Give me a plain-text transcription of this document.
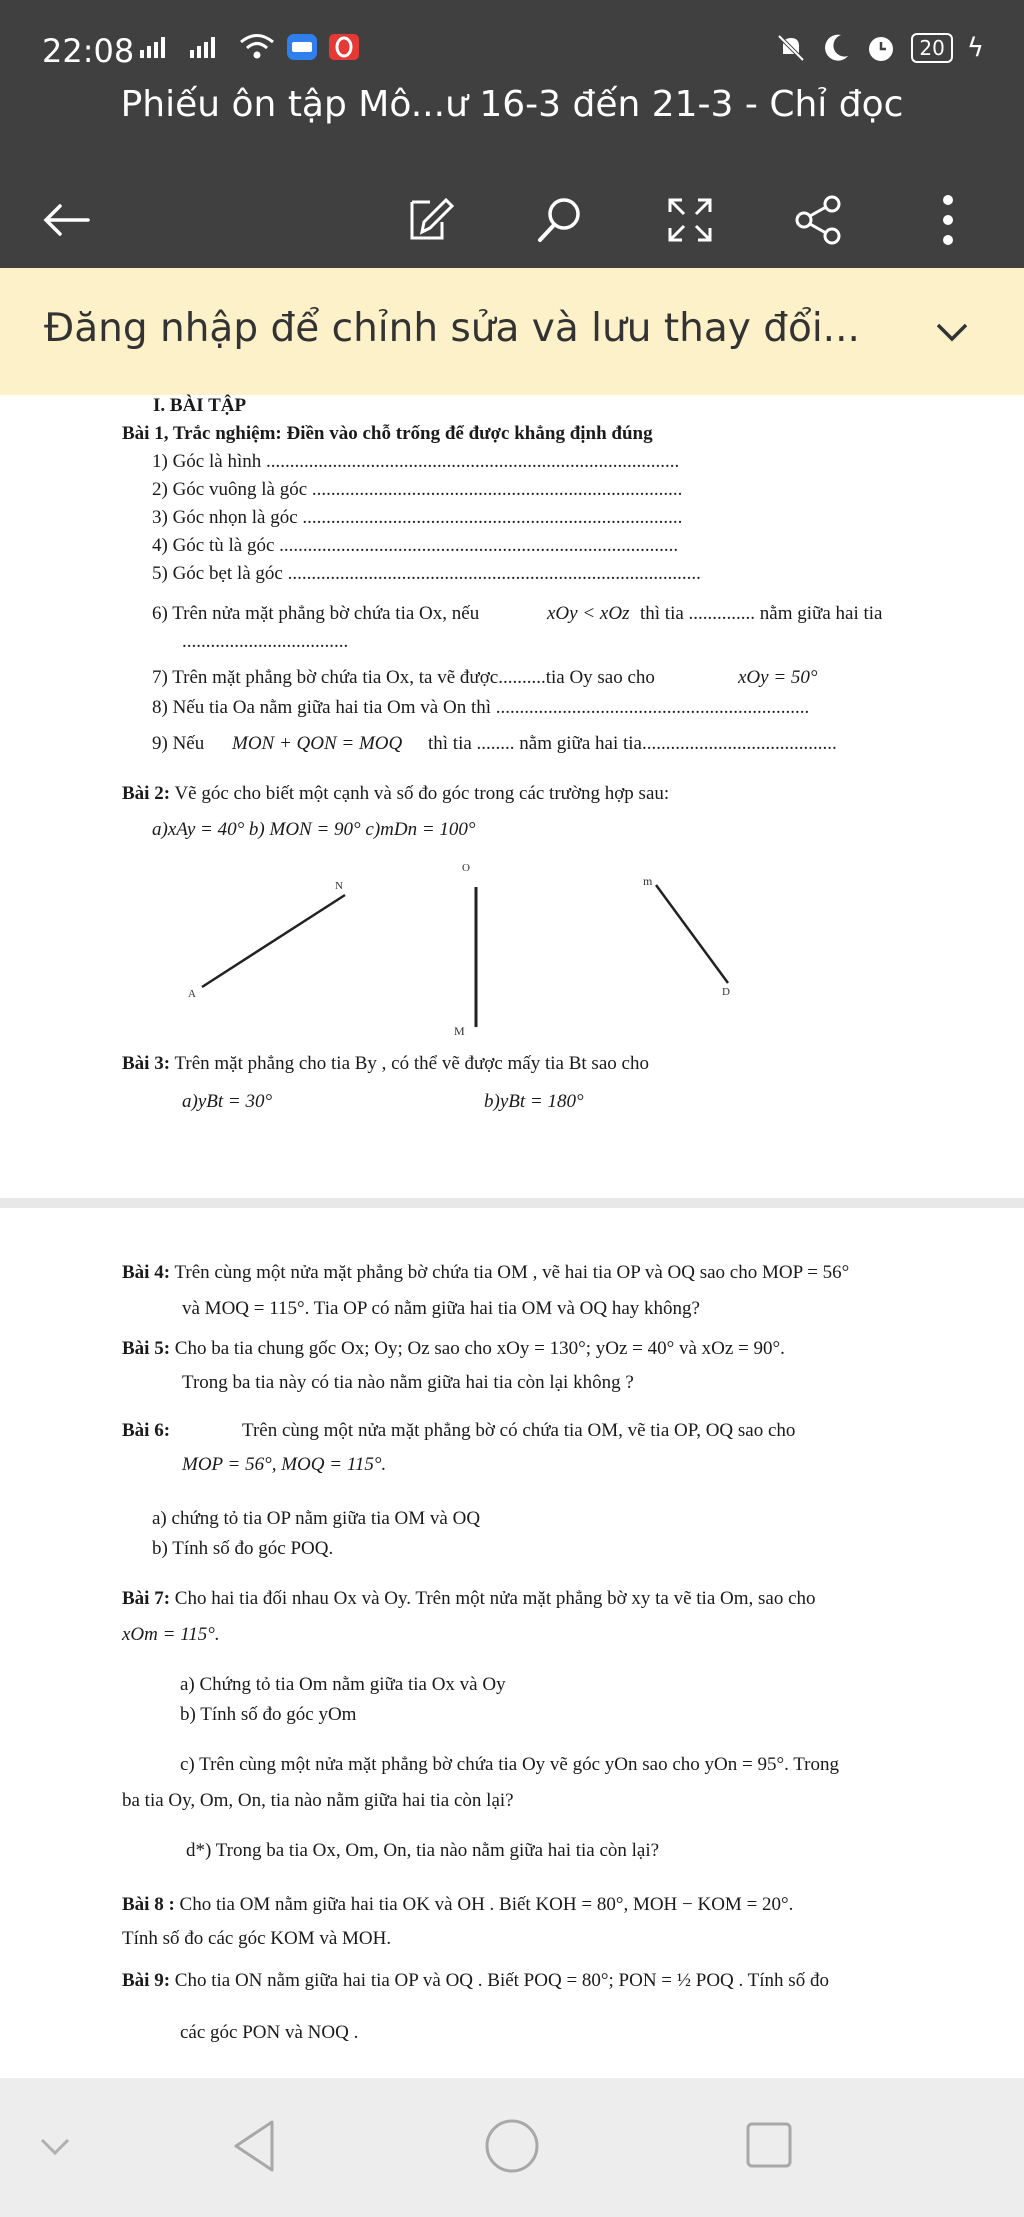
22:08	20 ϟ
Phiếu ôn tập Mô...ư 16-3 đến 21-3 - Chỉ đọc
Đăng nhập để chỉnh sửa và lưu thay đổi...
I. BÀI TẬP
Bài 1, Trắc nghiệm: Điền vào chỗ trống để được khẳng định đúng
1) Góc là hình .......................................................................................
2) Góc vuông là góc ..............................................................................
3) Góc nhọn là góc ................................................................................
4) Góc tù là góc ....................................................................................
5) Góc bẹt là góc .......................................................................................
6) Trên nửa mặt phẳng bờ chứa tia Ox, nếu	xOy < xOz thì tia .............. nằm giữa hai tia
...................................
7) Trên mặt phẳng bờ chứa tia Ox, ta vẽ được..........tia Oy sao cho	xOy = 50°
8) Nếu tia Oa nằm giữa hai tia Om và On thì ..................................................................
9) Nếu MON + QON = MOQ thì tia ........ nằm giữa hai tia.........................................
Bài 2: Vẽ góc cho biết một cạnh và số đo góc trong các trường hợp sau:
a)xAy = 40° b) MON = 90° c)mDn = 100°
N
A
O
M
m
D
Bài 3: Trên mặt phẳng cho tia By , có thể vẽ được mấy tia Bt sao cho
a)yBt = 30°	b)yBt = 180°
Bài 4: Trên cùng một nửa mặt phẳng bờ chứa tia OM , vẽ hai tia OP và OQ sao cho MOP = 56°
và MOQ = 115°. Tia OP có nằm giữa hai tia OM và OQ hay không?
Bài 5: Cho ba tia chung gốc Ox; Oy; Oz sao cho xOy = 130°; yOz = 40° và xOz = 90°.
Trong ba tia này có tia nào nằm giữa hai tia còn lại không ?
Bài 6:	Trên cùng một nửa mặt phẳng bờ có chứa tia OM, vẽ tia OP, OQ sao cho
MOP = 56°, MOQ = 115°.
a) chứng tỏ tia OP nằm giữa tia OM và OQ
b) Tính số đo góc POQ.
Bài 7: Cho hai tia đối nhau Ox và Oy. Trên một nửa mặt phẳng bờ xy ta vẽ tia Om, sao cho
xOm = 115°.
a) Chứng tỏ tia Om nằm giữa tia Ox và Oy
b) Tính số đo góc yOm
c) Trên cùng một nửa mặt phẳng bờ chứa tia Oy vẽ góc yOn sao cho yOn = 95°. Trong
ba tia Oy, Om, On, tia nào nằm giữa hai tia còn lại?
d*) Trong ba tia Ox, Om, On, tia nào nằm giữa hai tia còn lại?
Bài 8 : Cho tia OM nằm giữa hai tia OK và OH . Biết KOH = 80°, MOH − KOM = 20°.
Tính số đo các góc KOM và MOH.
Bài 9: Cho tia ON nằm giữa hai tia OP và OQ . Biết POQ = 80°; PON = ½ POQ . Tính số đo
các góc PON và NOQ .
